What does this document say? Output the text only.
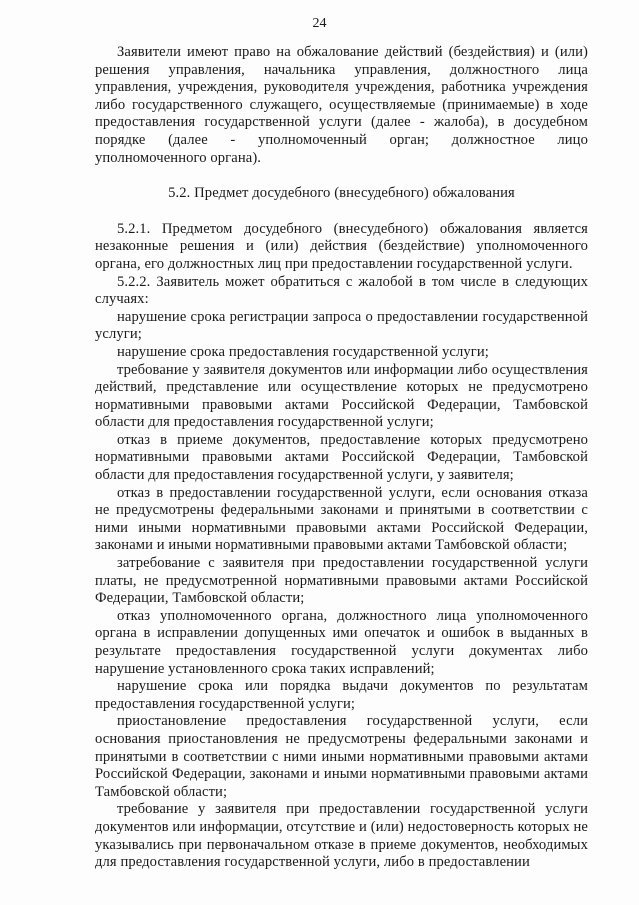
24

Заявители имеют право на обжалование действий (бездействия) и (или) решения управления, начальника управления, должностного лица управления, учреждения, руководителя учреждения, работника учреждения либо государственного служащего, осуществляемые (принимаемые) в ходе предоставления государственной услуги (далее - жалоба), в досудебном порядке (далее - уполномоченный орган; должностное лицо уполномоченного органа).

5.2. Предмет досудебного (внесудебного) обжалования

5.2.1. Предметом досудебного (внесудебного) обжалования является незаконные решения и (или) действия (бездействие) уполномоченного органа, его должностных лиц при предоставлении государственной услуги.

5.2.2. Заявитель может обратиться с жалобой в том числе в следующих случаях:

нарушение срока регистрации запроса о предоставлении государственной услуги;

нарушение срока предоставления государственной услуги;

требование у заявителя документов или информации либо осуществления действий, представление или осуществление которых не предусмотрено нормативными правовыми актами Российской Федерации, Тамбовской области для предоставления государственной услуги;

отказ в приеме документов, предоставление которых предусмотрено нормативными правовыми актами Российской Федерации, Тамбовской области для предоставления государственной услуги, у заявителя;

отказ в предоставлении государственной услуги, если основания отказа не предусмотрены федеральными законами и принятыми в соответствии с ними иными нормативными правовыми актами Российской Федерации, законами и иными нормативными правовыми актами Тамбовской области;

затребование с заявителя при предоставлении государственной услуги платы, не предусмотренной нормативными правовыми актами Российской Федерации, Тамбовской области;

отказ уполномоченного органа, должностного лица уполномоченного органа в исправлении допущенных ими опечаток и ошибок в выданных в результате предоставления государственной услуги документах либо нарушение установленного срока таких исправлений;

нарушение срока или порядка выдачи документов по результатам предоставления государственной услуги;

приостановление предоставления государственной услуги, если основания приостановления не предусмотрены федеральными законами и принятыми в соответствии с ними иными нормативными правовыми актами Российской Федерации, законами и иными нормативными правовыми актами Тамбовской области;

требование у заявителя при предоставлении государственной услуги документов или информации, отсутствие и (или) недостоверность которых не указывались при первоначальном отказе в приеме документов, необходимых для предоставления государственной услуги, либо в предоставлении
